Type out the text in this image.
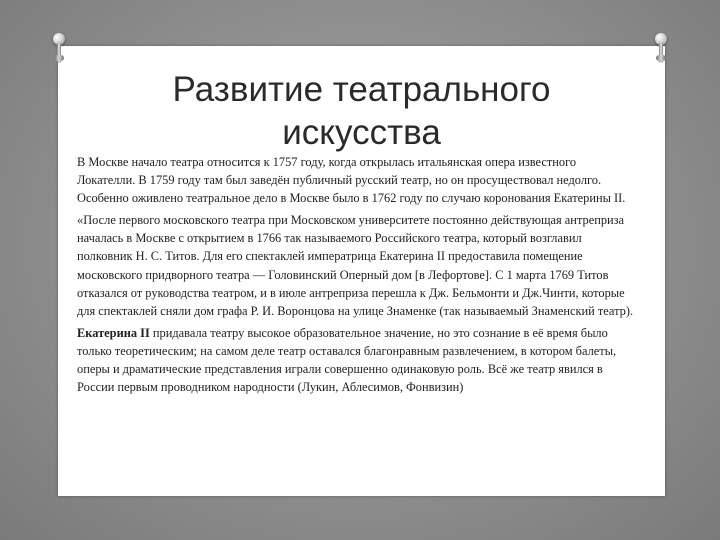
Развитие театрального
искусства

В Москве начало театра относится к 1757 году, когда открылась итальянская опера известного Локателли. В 1759 году там был заведён публичный русский театр, но он просуществовал недолго. Особенно оживлено театральное дело в Москве было в 1762 году по случаю коронования Екатерины II.

«После первого московского театра при Московском университете постоянно действующая антреприза началась в Москве с открытием в 1766 так называемого Российского театра, который возглавил полковник Н. С. Титов. Для его спектаклей императрица Екатерина II предоставила помещение московского придворного театра — Головинский Оперный дом [в Лефортове]. С 1 марта 1769 Титов отказался от руководства театром, и в июле антреприза перешла к Дж. Бельмонти и Дж.Чинти, которые для спектаклей сняли дом графа Р. И. Воронцова на улице Знаменке (так называемый Знаменский театр).

Екатерина II придавала театру высокое образовательное значение, но это сознание в её время было только теоретическим; на самом деле театр оставался благонравным развлечением, в котором балеты, оперы и драматические представления играли совершенно одинаковую роль. Всё же театр явился в России первым проводником народности (Лукин, Аблесимов, Фонвизин)
